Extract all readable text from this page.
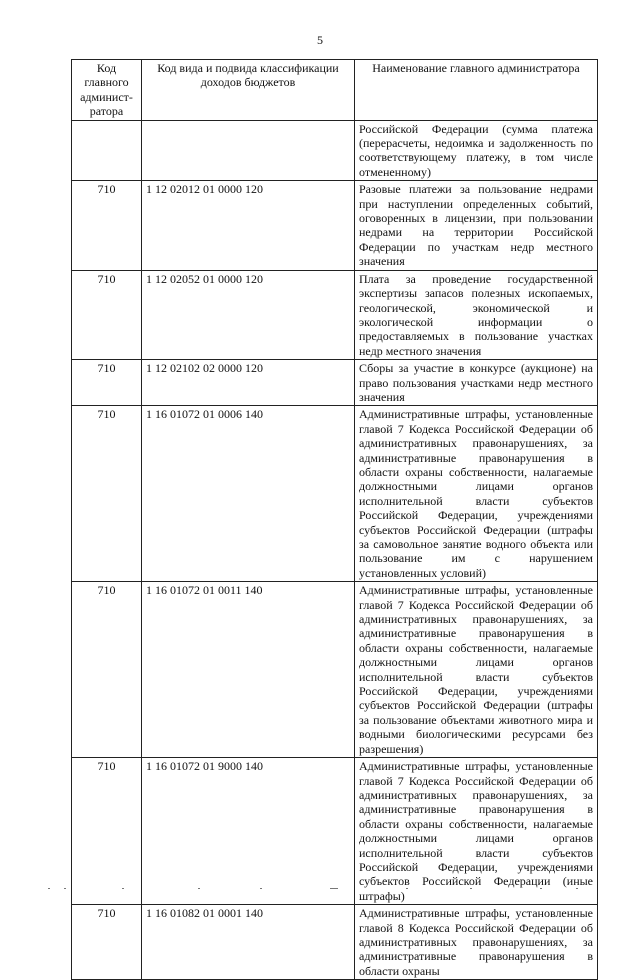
5
Код главного админист-ратора	Код вида и подвида классификации доходов бюджетов	Наименование главного администратора
		Российской Федерации (сумма платежа (перерасчеты, недоимка и задолженность по соответствующему платежу, в том числе отмененному)
710	1 12 02012 01 0000 120	Разовые платежи за пользование недрами при наступлении определенных событий, оговоренных в лицензии, при пользовании недрами на территории Российской Федерации по участкам недр местного значения
710	1 12 02052 01 0000 120	Плата за проведение государственной экспертизы запасов полезных ископаемых, геологической, экономической и экологической информации о предоставляемых в пользование участках недр местного значения
710	1 12 02102 02 0000 120	Сборы за участие в конкурсе (аукционе) на право пользования участками недр местного значения
710	1 16 01072 01 0006 140	Административные штрафы, установленные главой 7 Кодекса Российской Федерации об административных правонарушениях, за административные правонарушения в области охраны собственности, налагаемые должностными лицами органов исполнительной власти субъектов Российской Федерации, учреждениями субъектов Российской Федерации (штрафы за самовольное занятие водного объекта или пользование им с нарушением установленных условий)
710	1 16 01072 01 0011 140	Административные штрафы, установленные главой 7 Кодекса Российской Федерации об административных правонарушениях, за административные правонарушения в области охраны собственности, налагаемые должностными лицами органов исполнительной власти субъектов Российской Федерации, учреждениями субъектов Российской Федерации (штрафы за пользование объектами животного мира и водными биологическими ресурсами без разрешения)
710	1 16 01072 01 9000 140	Административные штрафы, установленные главой 7 Кодекса Российской Федерации об административных правонарушениях, за административные правонарушения в области охраны собственности, налагаемые должностными лицами органов исполнительной власти субъектов Российской Федерации, учреждениями субъектов Российской Федерации (иные штрафы)
710	1 16 01082 01 0001 140	Административные штрафы, установленные главой 8 Кодекса Российской Федерации об административных правонарушениях, за административные правонарушения в области охраны
